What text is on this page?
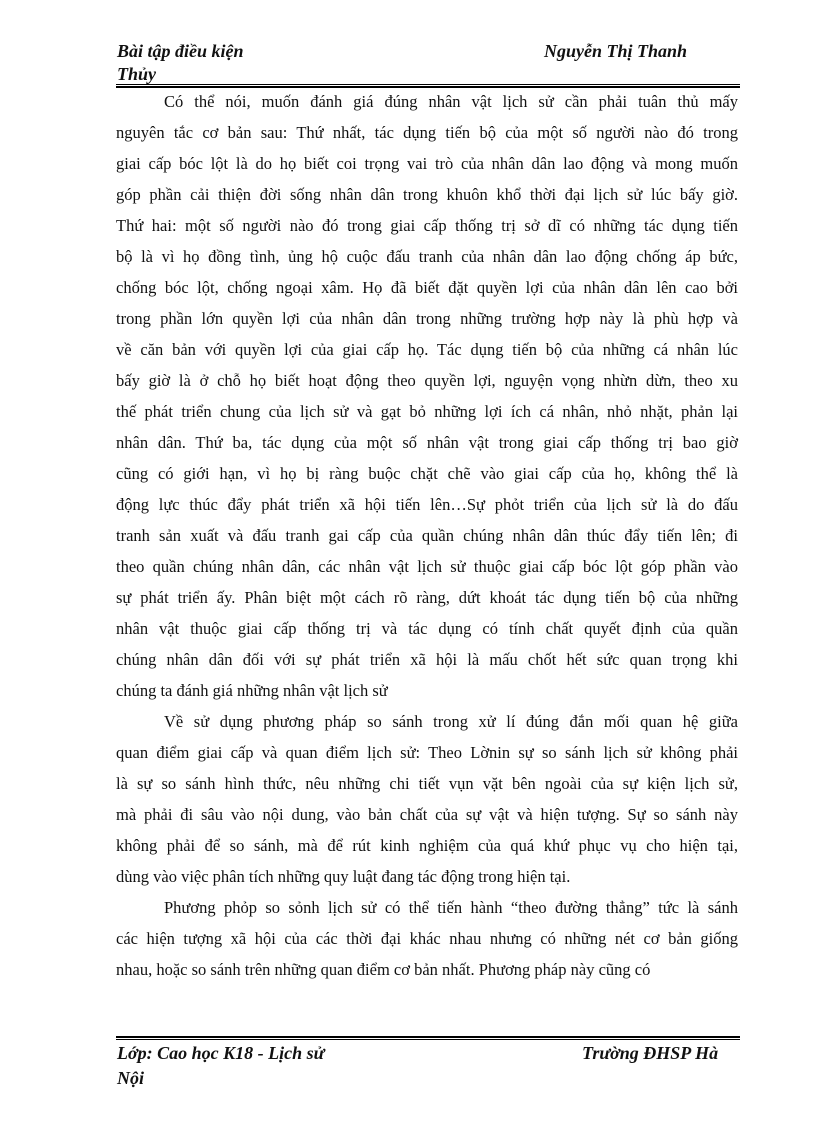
Bài tập điều kiện	Nguyễn Thị Thanh
Thủy
Có thể nói, muốn đánh giá đúng nhân vật lịch sử cần phải tuân thủ mấy
nguyên tắc cơ bản sau: Thứ nhất, tác dụng tiến bộ của một số người nào đó trong
giai cấp bóc lột là do họ biết coi trọng vai trò của nhân dân lao động và mong muốn
góp phần cải thiện đời sống nhân dân trong khuôn khổ thời đại lịch sử lúc bấy giờ.
Thứ hai: một số người nào đó trong giai cấp thống trị sở dĩ có những tác dụng tiến
bộ là vì họ đồng tình, ủng hộ cuộc đấu tranh của nhân dân lao động chống áp bức,
chống bóc lột, chống ngoại xâm. Họ đã biết đặt quyền lợi của nhân dân lên cao bởi
trong phần lớn quyền lợi của nhân dân trong những trường hợp này là phù hợp và
về căn bản với quyền lợi của giai cấp họ. Tác dụng tiến bộ của những cá nhân lúc
bấy giờ là ở chỗ họ biết hoạt động theo quyền lợi, nguyện vọng nhừn dừn, theo xu
thế phát triển chung của lịch sử và gạt bỏ những lợi ích cá nhân, nhỏ nhặt, phản lại
nhân dân. Thứ ba, tác dụng của một số nhân vật trong giai cấp thống trị bao giờ
cũng có giới hạn, vì họ bị ràng buộc chặt chẽ vào giai cấp của họ, không thể là
động lực thúc đẩy phát triển xã hội tiến lên…Sự phỏt triển của lịch sử là do đấu
tranh sản xuất và đấu tranh gai cấp của quần chúng nhân dân thúc đẩy tiến lên; đi
theo quần chúng nhân dân, các nhân vật lịch sử thuộc giai cấp bóc lột góp phần vào
sự phát triển ấy. Phân biệt một cách rõ ràng, dứt khoát tác dụng tiến bộ của những
nhân vật thuộc giai cấp thống trị và tác dụng có tính chất quyết định của quần
chúng nhân dân đối với sự phát triển xã hội là mấu chốt hết sức quan trọng khi
chúng ta đánh giá những nhân vật lịch sử
Về sử dụng phương pháp so sánh trong xử lí đúng đắn mối quan hệ giữa
quan điểm giai cấp và quan điểm lịch sử: Theo Lờnin sự so sánh lịch sử không phải
là sự so sánh hình thức, nêu những chi tiết vụn vặt bên ngoài của sự kiện lịch sử,
mà phải đi sâu vào nội dung, vào bản chất của sự vật và hiện tượng. Sự so sánh này
không phải để so sánh, mà để rút kinh nghiệm của quá khứ phục vụ cho hiện tại,
dùng vào việc phân tích những quy luật đang tác động trong hiện tại.
Phương phỏp so sỏnh lịch sử có thể tiến hành “theo đường thẳng” tức là sánh
các hiện tượng xã hội của các thời đại khác nhau nhưng có những nét cơ bản giống
nhau, hoặc so sánh trên những quan điểm cơ bản nhất. Phương pháp này cũng có
Lớp: Cao học K18 - Lịch sử	Trường ĐHSP Hà
Nội
